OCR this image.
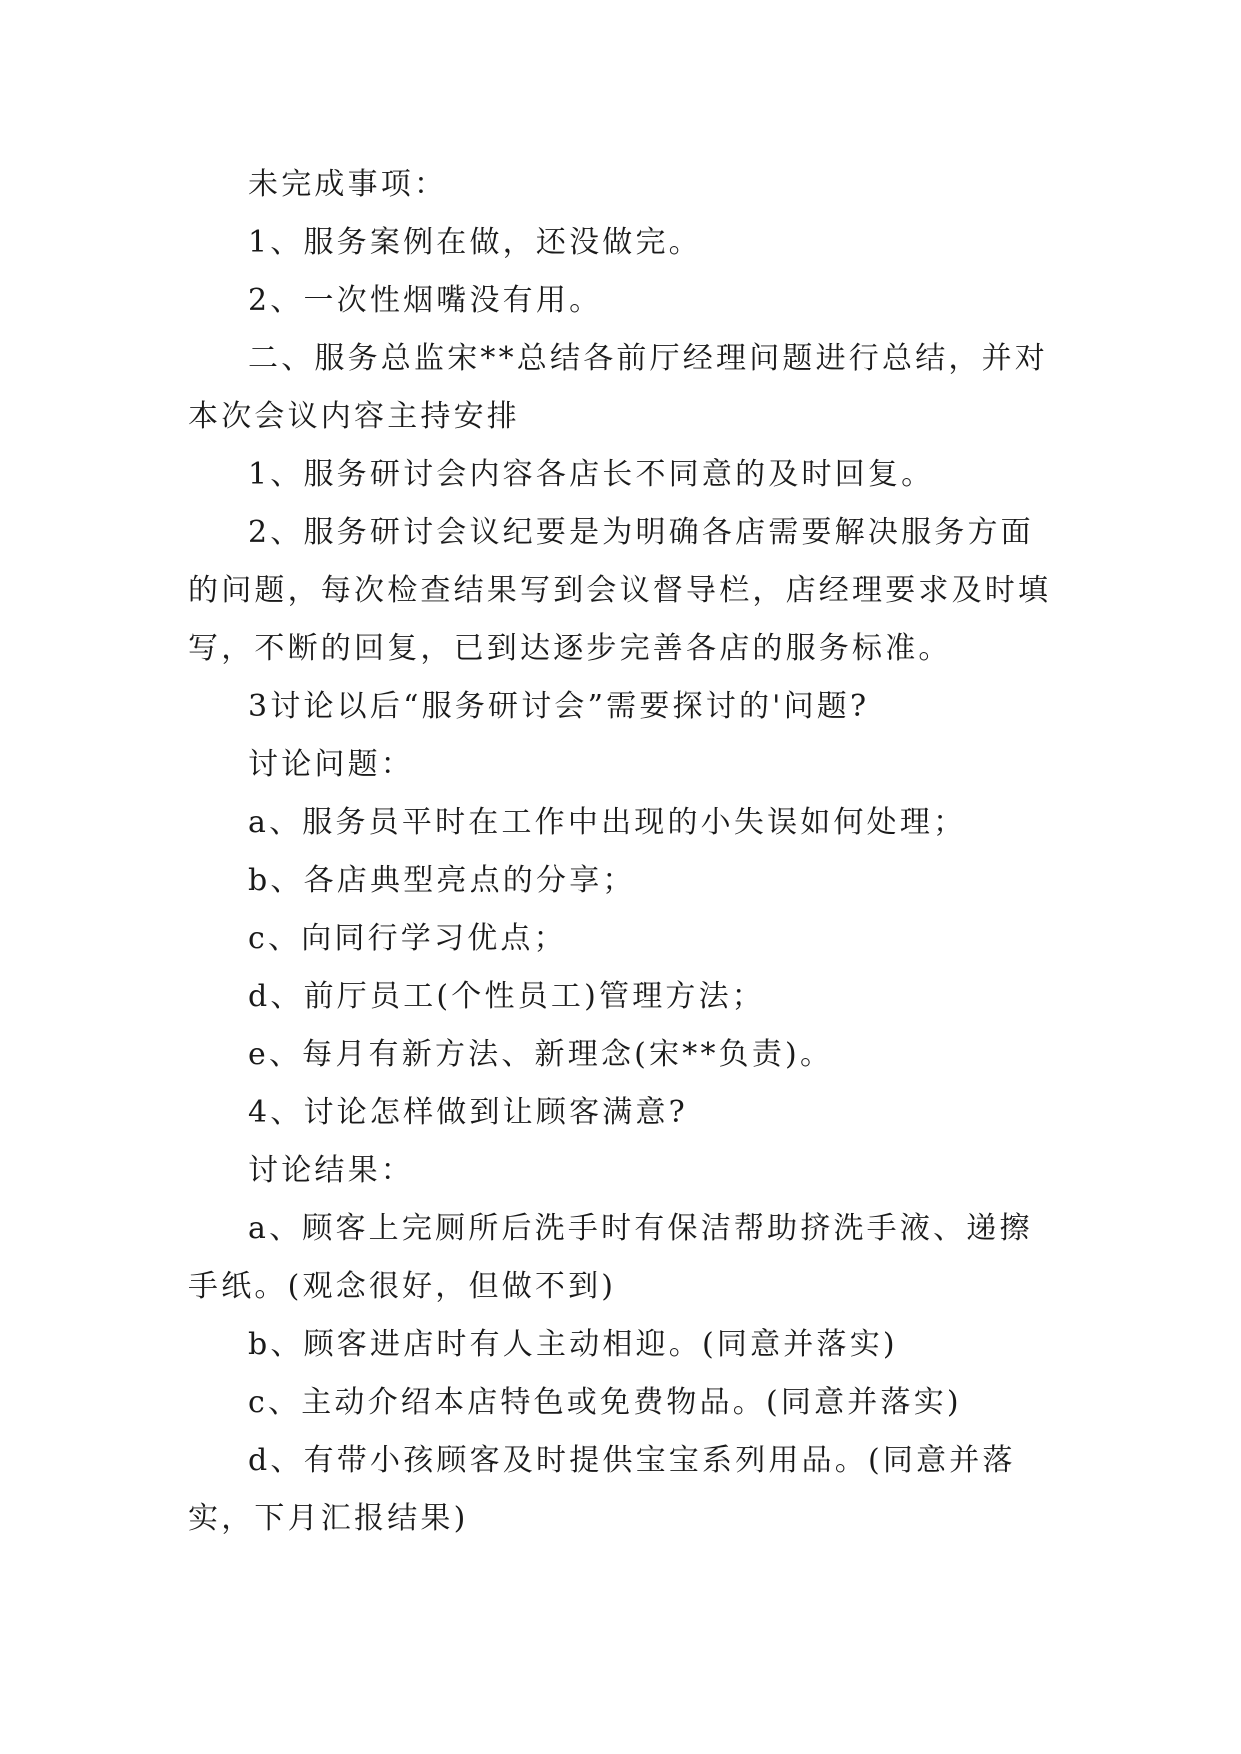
未完成事项：

1、服务案例在做，还没做完。

2、一次性烟嘴没有用。

二、服务总监宋**总结各前厅经理问题进行总结，并对本次会议内容主持安排

1、服务研讨会内容各店长不同意的及时回复。

2、服务研讨会议纪要是为明确各店需要解决服务方面的问题，每次检查结果写到会议督导栏，店经理要求及时填写，不断的回复，已到达逐步完善各店的服务标准。

3讨论以后“服务研讨会”需要探讨的'问题?

讨论问题：

a、服务员平时在工作中出现的小失误如何处理；

b、各店典型亮点的分享；

c、向同行学习优点；

d、前厅员工(个性员工)管理方法；

e、每月有新方法、新理念(宋**负责)。

4、讨论怎样做到让顾客满意?

讨论结果：

a、顾客上完厕所后洗手时有保洁帮助挤洗手液、递擦手纸。(观念很好，但做不到)

b、顾客进店时有人主动相迎。(同意并落实)

c、主动介绍本店特色或免费物品。(同意并落实)

d、有带小孩顾客及时提供宝宝系列用品。(同意并落实，下月汇报结果)
